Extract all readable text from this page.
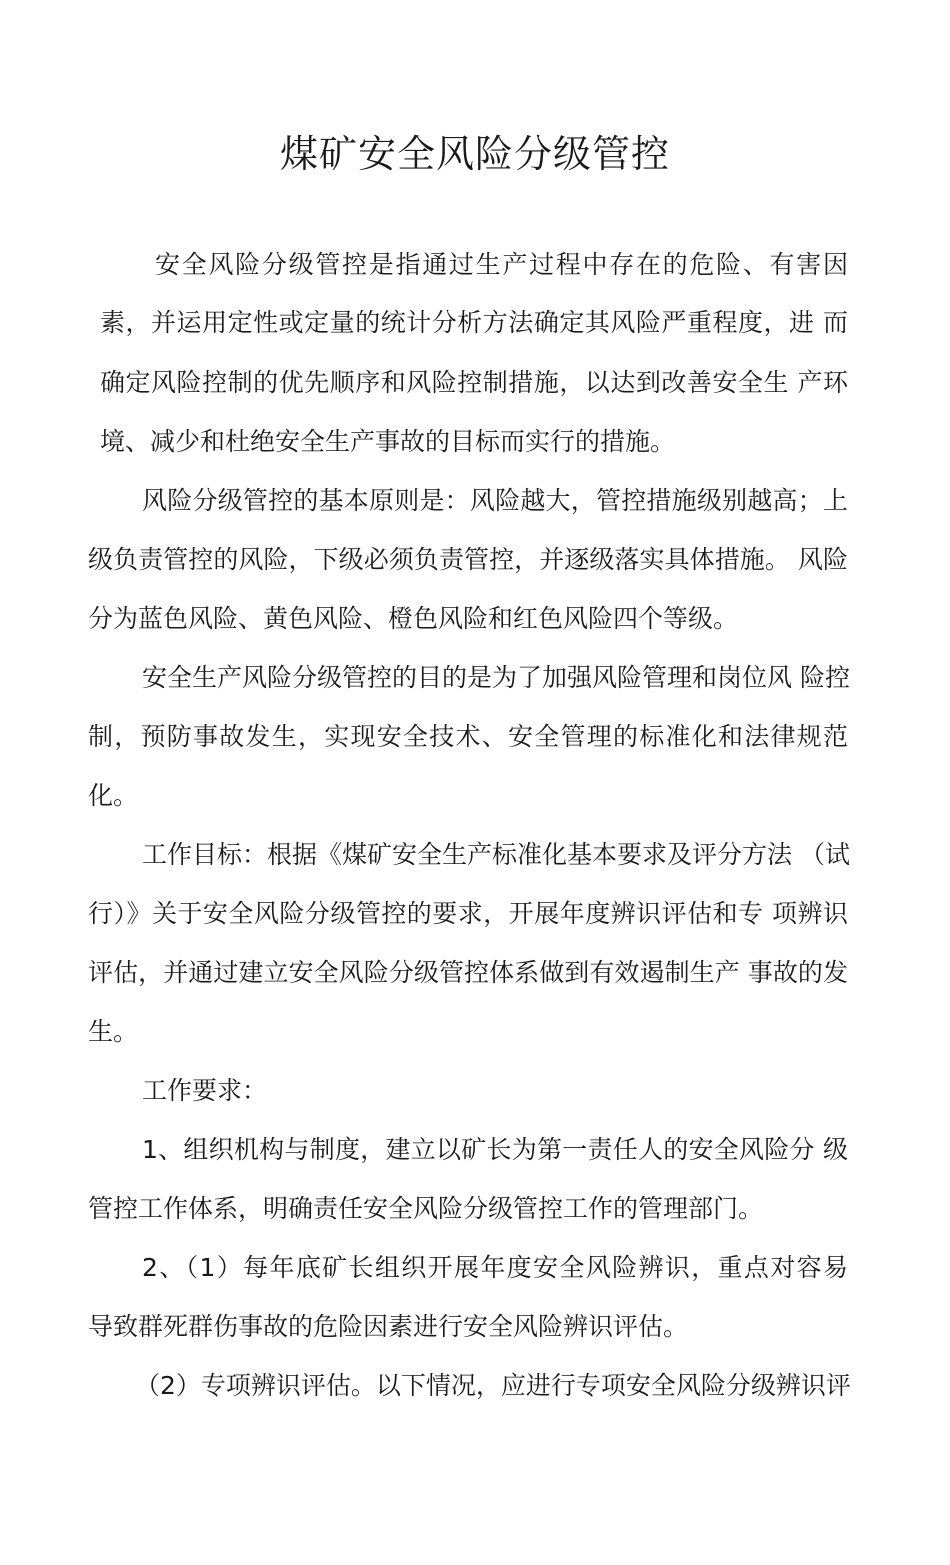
煤矿安全风险分级管控

安全风险分级管控是指通过生产过程中存在的危险、有害因

素，并运用定性或定量的统计分析方法确定其风险严重程度，进 而

确定风险控制的优先顺序和风险控制措施，以达到改善安全生 产环

境、减少和杜绝安全生产事故的目标而实行的措施。

风险分级管控的基本原则是：风险越大，管控措施级别越高；上

级负责管控的风险，下级必须负责管控，并逐级落实具体措施。 风险

分为蓝色风险、黄色风险、橙色风险和红色风险四个等级。

安全生产风险分级管控的目的是为了加强风险管理和岗位风 险控

制，预防事故发生，实现安全技术、安全管理的标准化和法律规范

化。

工作目标：根据《煤矿安全生产标准化基本要求及评分方法 （试

行）》关于安全风险分级管控的要求，开展年度辨识评估和专 项辨识

评估，并通过建立安全风险分级管控体系做到有效遏制生产 事故的发

生。

工作要求：

1、组织机构与制度，建立以矿长为第一责任人的安全风险分 级

管控工作体系，明确责任安全风险分级管控工作的管理部门。

2、（1）每年底矿长组织开展年度安全风险辨识，重点对容易

导致群死群伤事故的危险因素进行安全风险辨识评估。

（2）专项辨识评估。以下情况，应进行专项安全风险分级辨识评
